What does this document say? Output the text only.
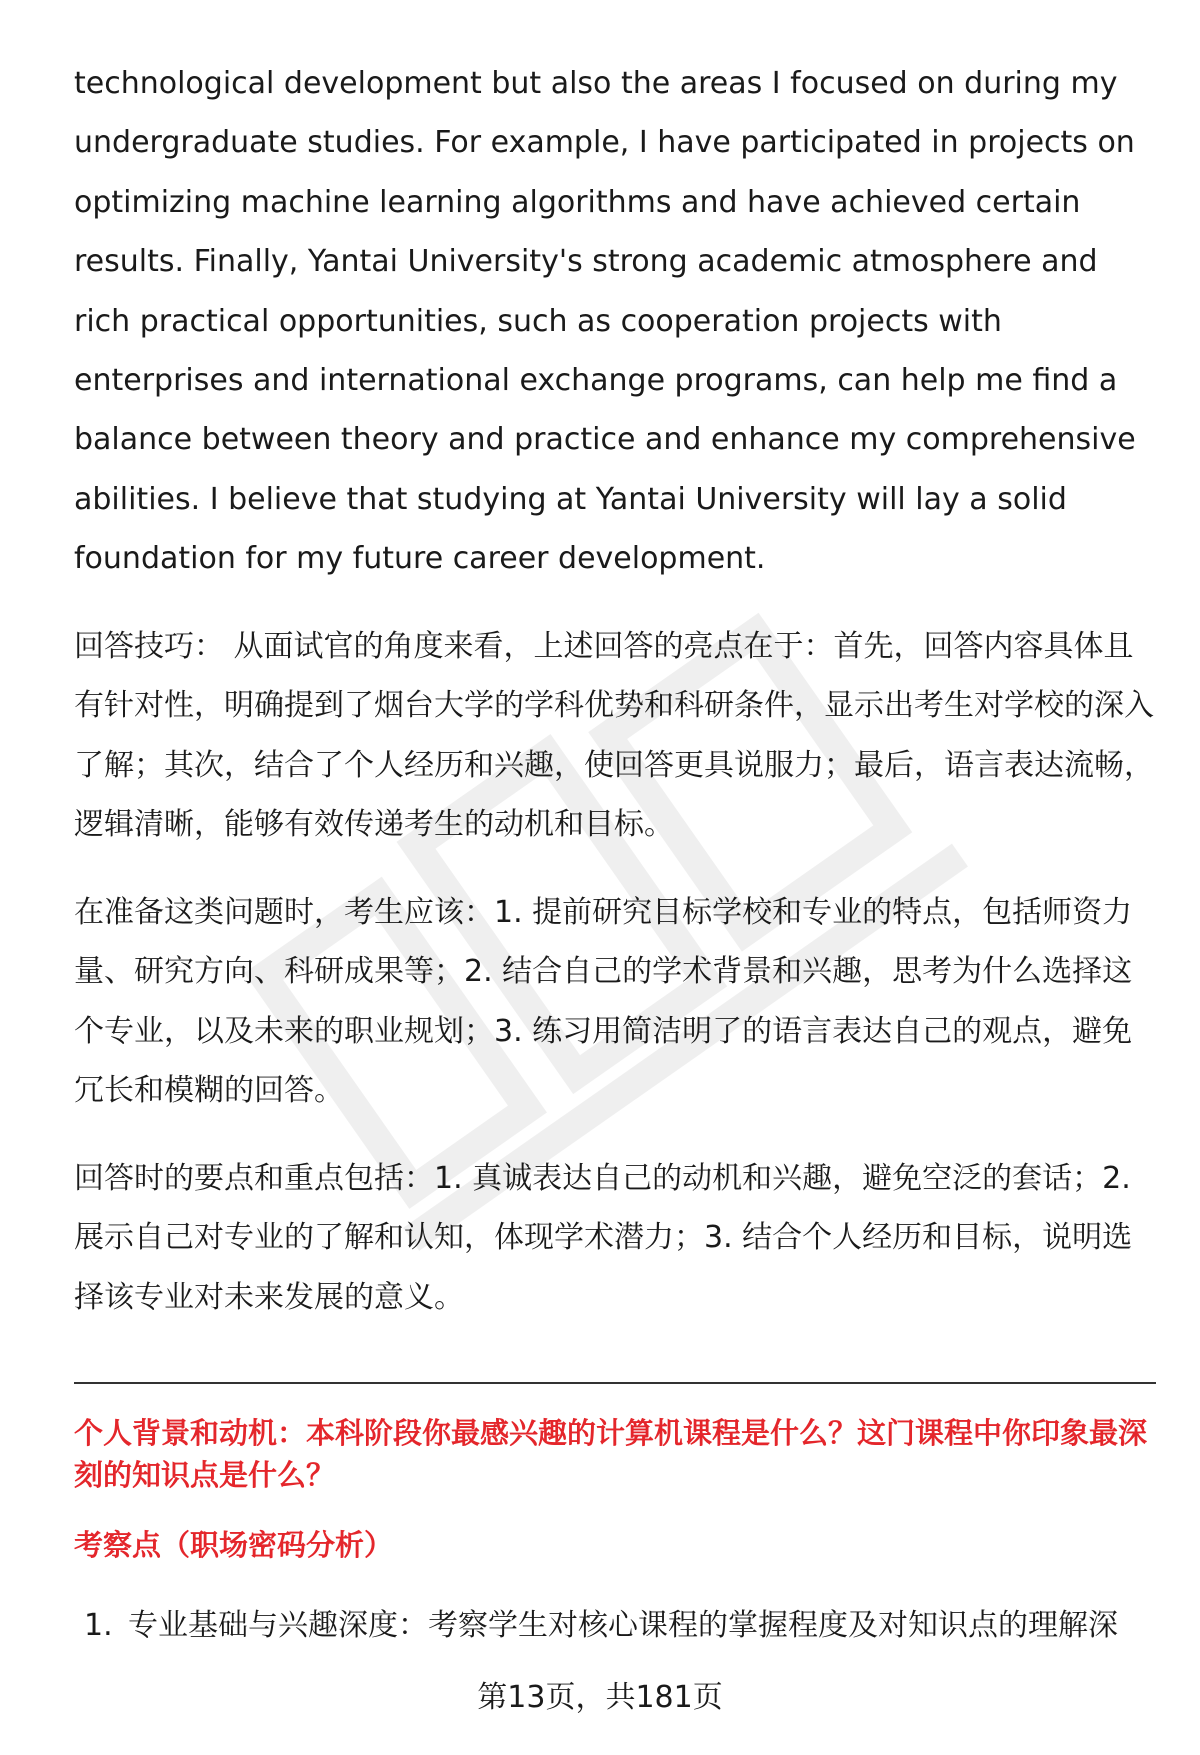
technological development but also the areas I focused on during my undergraduate studies. For example, I have participated in projects on optimizing machine learning algorithms and have achieved certain results. Finally, Yantai University's strong academic atmosphere and rich practical opportunities, such as cooperation projects with enterprises and international exchange programs, can help me find a balance between theory and practice and enhance my comprehensive abilities. I believe that studying at Yantai University will lay a solid foundation for my future career development.

回答技巧： 从面试官的角度来看，上述回答的亮点在于：首先，回答内容具体且有针对性，明确提到了烟台大学的学科优势和科研条件，显示出考生对学校的深入了解；其次，结合了个人经历和兴趣，使回答更具说服力；最后，语言表达流畅，逻辑清晰，能够有效传递考生的动机和目标。

在准备这类问题时，考生应该：1. 提前研究目标学校和专业的特点，包括师资力量、研究方向、科研成果等；2. 结合自己的学术背景和兴趣，思考为什么选择这个专业，以及未来的职业规划；3. 练习用简洁明了的语言表达自己的观点，避免冗长和模糊的回答。

回答时的要点和重点包括：1. 真诚表达自己的动机和兴趣，避免空泛的套话；2. 展示自己对专业的了解和认知，体现学术潜力；3. 结合个人经历和目标，说明选择该专业对未来发展的意义。

个人背景和动机：本科阶段你最感兴趣的计算机课程是什么？这门课程中你印象最深刻的知识点是什么？

考察点（职场密码分析）

1. 专业基础与兴趣深度：考察学生对核心课程的掌握程度及对知识点的理解深

第13页，共181页
